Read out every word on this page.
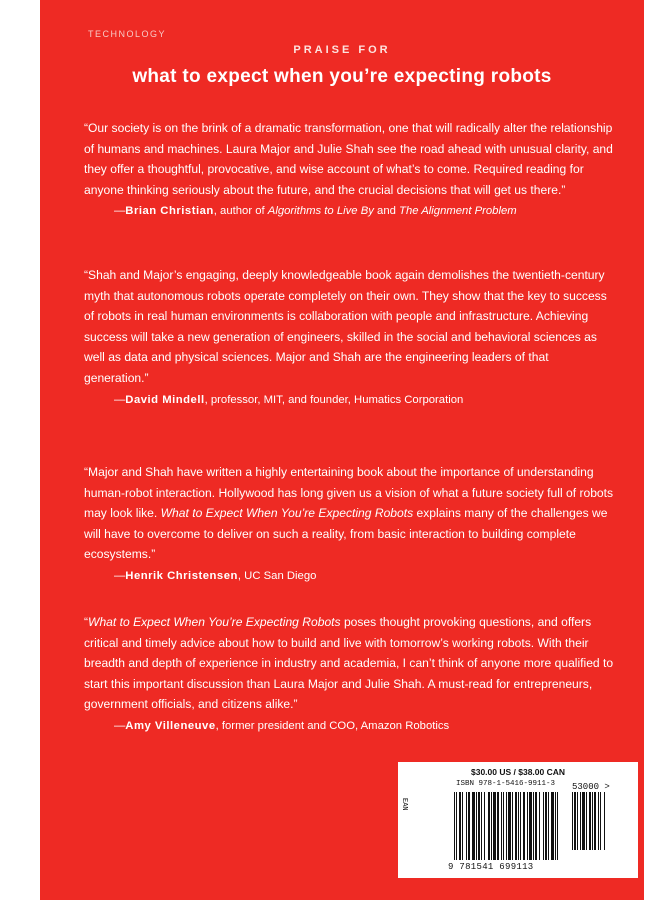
TECHNOLOGY
PRAISE FOR
what to expect when you’re expecting robots

“Our society is on the brink of a dramatic transformation, one that will radically alter the relationship of humans and machines. Laura Major and Julie Shah see the road ahead with unusual clarity, and they offer a thoughtful, provocative, and wise account of what’s to come. Required reading for anyone thinking seriously about the future, and the crucial decisions that will get us there.”

—Brian Christian, author of Algorithms to Live By and The Alignment Problem

“Shah and Major’s engaging, deeply knowledgeable book again demolishes the twentieth-century myth that autonomous robots operate completely on their own. They show that the key to success of robots in real human environments is collaboration with people and infrastructure. Achieving success will take a new generation of engineers, skilled in the social and behavioral sciences as well as data and physical sciences. Major and Shah are the engineering leaders of that generation.”

—David Mindell, professor, MIT, and founder, Humatics Corporation

“Major and Shah have written a highly entertaining book about the importance of understanding human-robot interaction. Hollywood has long given us a vision of what a future society full of robots may look like. What to Expect When You’re Expecting Robots explains many of the challenges we will have to overcome to deliver on such a reality, from basic interaction to building complete ecosystems.”

—Henrik Christensen, UC San Diego

“What to Expect When You’re Expecting Robots poses thought provoking questions, and offers critical and timely advice about how to build and live with tomorrow’s working robots. With their breadth and depth of experience in industry and academia, I can’t think of anyone more qualified to start this important discussion than Laura Major and Julie Shah. A must-read for entrepreneurs, government officials, and citizens alike.”

—Amy Villeneuve, former president and COO, Amazon Robotics
$30.00 US / $38.00 CAN
ISBN 978-1-5416-9911-3
EAN
53000 >
9 781541 699113
